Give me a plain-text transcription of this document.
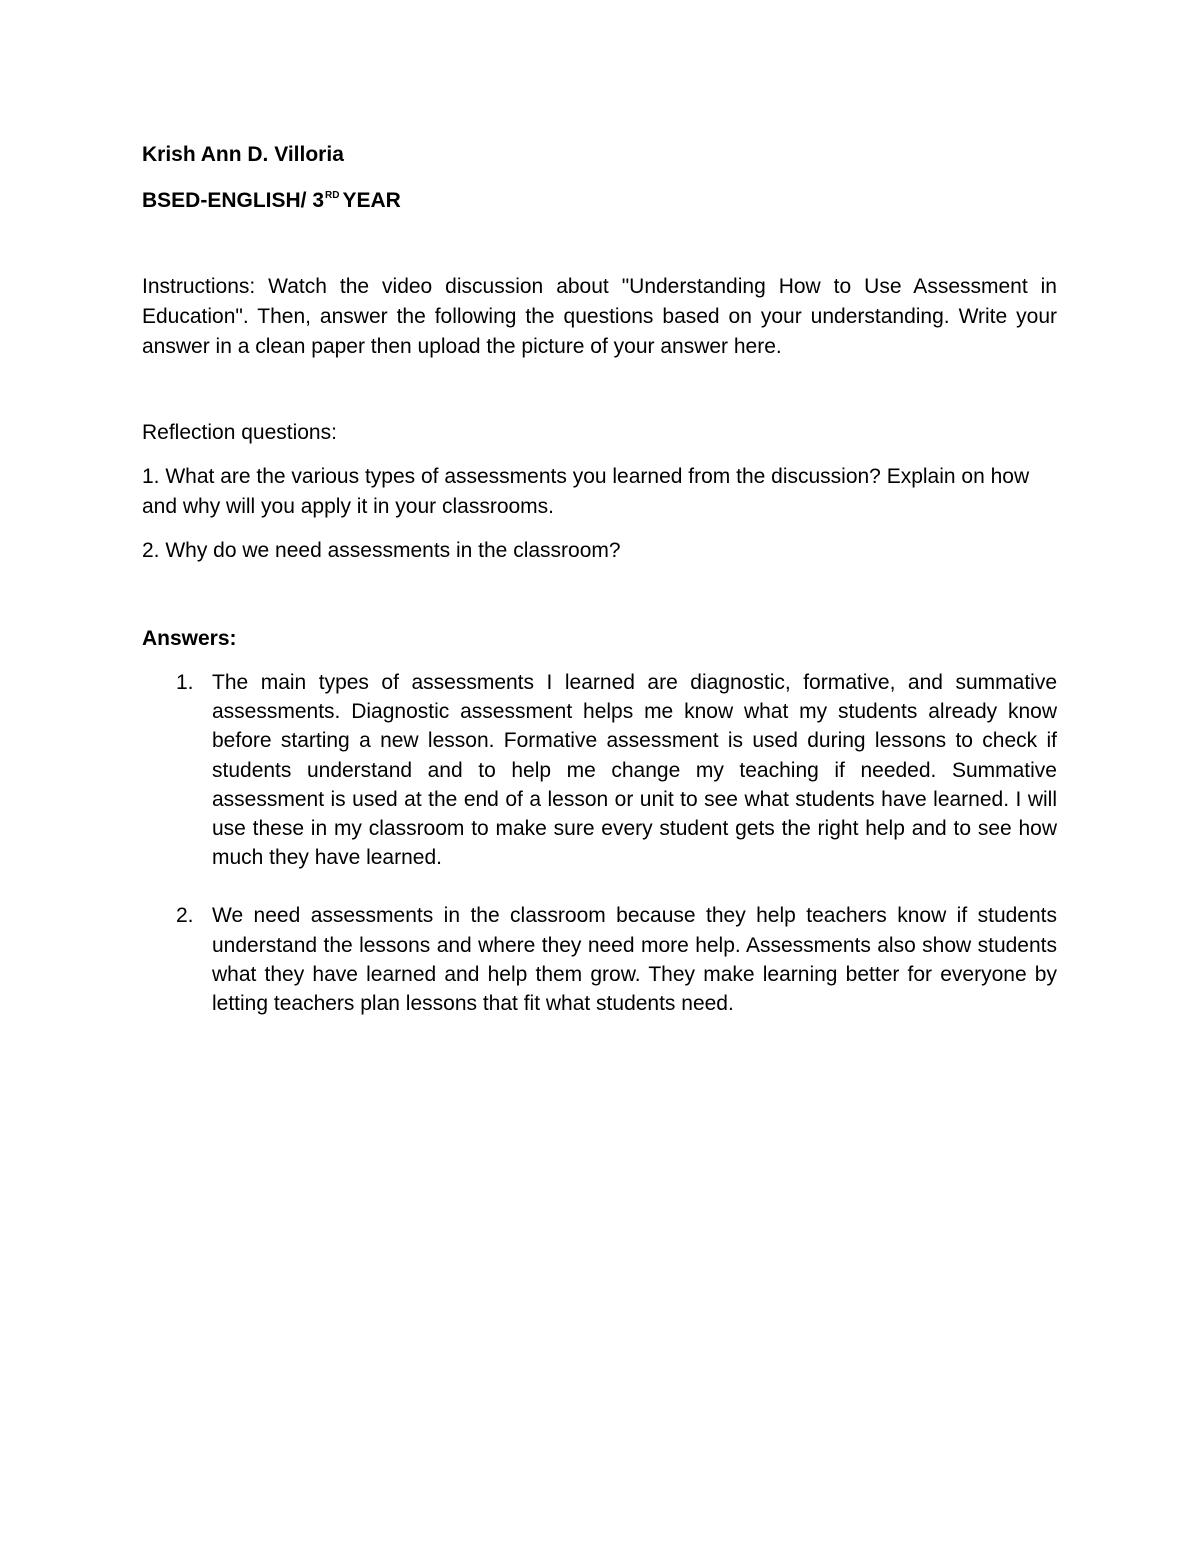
Krish Ann D. Villoria

BSED-ENGLISH/ 3RD YEAR

Instructions: Watch the video discussion about "Understanding How to Use Assessment in Education". Then, answer the following the questions based on your understanding. Write your answer in a clean paper then upload the picture of your answer here.

Reflection questions:

1. What are the various types of assessments you learned from the discussion? Explain on how and why will you apply it in your classrooms.

2. Why do we need assessments in the classroom?

Answers:

1. The main types of assessments I learned are diagnostic, formative, and summative assessments. Diagnostic assessment helps me know what my students already know before starting a new lesson. Formative assessment is used during lessons to check if students understand and to help me change my teaching if needed. Summative assessment is used at the end of a lesson or unit to see what students have learned. I will use these in my classroom to make sure every student gets the right help and to see how much they have learned.
2. We need assessments in the classroom because they help teachers know if students understand the lessons and where they need more help. Assessments also show students what they have learned and help them grow. They make learning better for everyone by letting teachers plan lessons that fit what students need.
